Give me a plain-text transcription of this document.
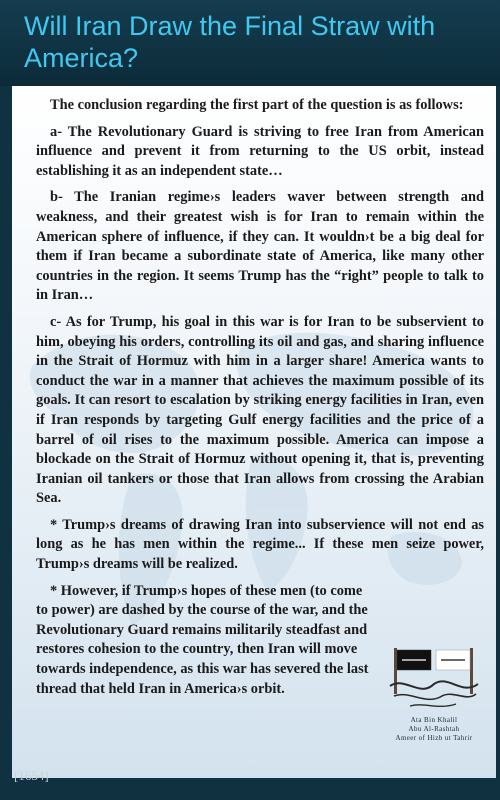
Will Iran Draw the Final Straw with America?

The conclusion regarding the first part of the question is as follows:

a- The Revolutionary Guard is striving to free Iran from American influence and prevent it from returning to the US orbit, instead establishing it as an independent state…

b- The Iranian regime›s leaders waver between strength and weakness, and their greatest wish is for Iran to remain within the American sphere of influence, if they can. It wouldn›t be a big deal for them if Iran became a subordinate state of America, like many other countries in the region. It seems Trump has the “right” people to talk to in Iran…

c- As for Trump, his goal in this war is for Iran to be subservient to him, obeying his orders, controlling its oil and gas, and sharing influence in the Strait of Hormuz with him in a larger share! America wants to conduct the war in a manner that achieves the maximum possible of its goals. It can resort to escalation by striking energy facilities in Iran, even if Iran responds by targeting Gulf energy facilities and the price of a barrel of oil rises to the maximum possible. America can impose a blockade on the Strait of Hormuz without opening it, that is, preventing Iranian oil tankers or those that Iran allows from crossing the Arabian Sea.

* Trump›s dreams of drawing Iran into subservience will not end as long as he has men within the regime... If these men seize power, Trump›s dreams will be realized.

* However, if Trump›s hopes of these men (to come to power) are dashed by the course of the war, and the Revolutionary Guard remains militarily steadfast and restores cohesion to the country, then Iran will move towards independence, as this war has severed the last thread that held Iran in America›s orbit.

Ata Bin Khalil
Abu Al-Rashtah
Ameer of Hizb ut Tahrir
[1654]
